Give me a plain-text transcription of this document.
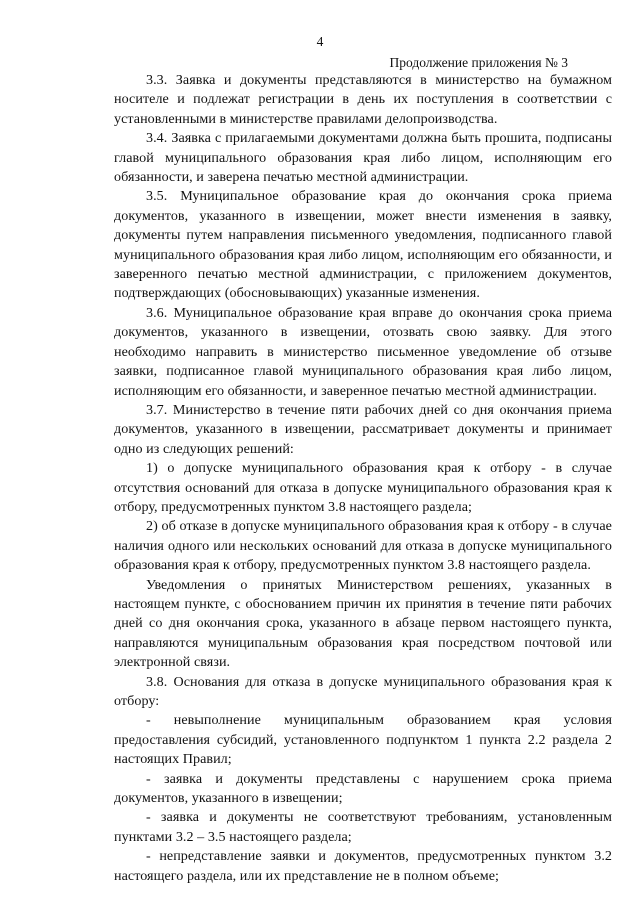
4
Продолжение приложения № 3

3.3. Заявка и документы представляются в министерство на бумажном носителе и подлежат регистрации в день их поступления в соответствии с установленными в министерстве правилами делопроизводства.

3.4. Заявка с прилагаемыми документами должна быть прошита, подписаны главой муниципального образования края либо лицом, исполняющим его обязанности, и заверена печатью местной администрации.

3.5. Муниципальное образование края до окончания срока приема документов, указанного в извещении, может внести изменения в заявку, документы путем направления письменного уведомления, подписанного главой муниципального образования края либо лицом, исполняющим его обязанности, и заверенного печатью местной администрации, с приложением документов, подтверждающих (обосновывающих) указанные изменения.

3.6. Муниципальное образование края вправе до окончания срока приема документов, указанного в извещении, отозвать свою заявку. Для этого необходимо направить в министерство письменное уведомление об отзыве заявки, подписанное главой муниципального образования края либо лицом, исполняющим его обязанности, и заверенное печатью местной администрации.

3.7. Министерство в течение пяти рабочих дней со дня окончания приема документов, указанного в извещении, рассматривает документы и принимает одно из следующих решений:

1) о допуске муниципального образования края к отбору - в случае отсутствия оснований для отказа в допуске муниципального образования края к отбору, предусмотренных пунктом 3.8 настоящего раздела;

2) об отказе в допуске муниципального образования края к отбору - в случае наличия одного или нескольких оснований для отказа в допуске муниципального образования края к отбору, предусмотренных пунктом 3.8 настоящего раздела.

Уведомления о принятых Министерством решениях, указанных в настоящем пункте, с обоснованием причин их принятия в течение пяти рабочих дней со дня окончания срока, указанного в абзаце первом настоящего пункта, направляются муниципальным образования края посредством почтовой или электронной связи.

3.8. Основания для отказа в допуске муниципального образования края к отбору:

- невыполнение муниципальным образованием края условия предоставления субсидий, установленного подпунктом 1 пункта 2.2 раздела 2 настоящих Правил;

- заявка и документы представлены с нарушением срока приема документов, указанного в извещении;

- заявка и документы не соответствуют требованиям, установленным пунктами 3.2 – 3.5 настоящего раздела;

- непредставление заявки и документов, предусмотренных пунктом 3.2 настоящего раздела, или их представление не в полном объеме;
